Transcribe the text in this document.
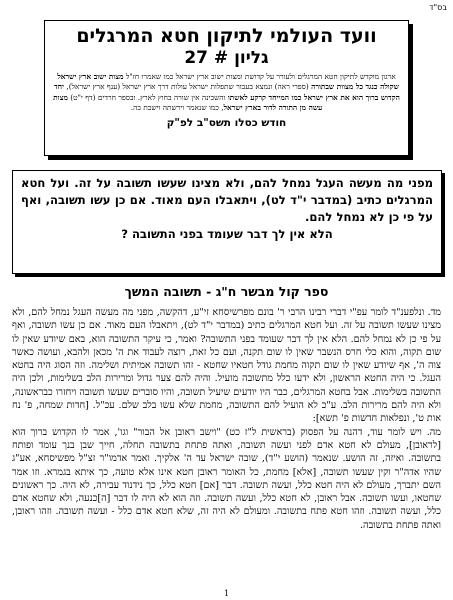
בס"ד

וועד העולמי לתיקון חטא המרגלים

גליון # 27

ארגון מוקדש לתיקון חטא המרגלים ולעורר על קדושת ומצות ישוב ארץ ישראל כמו שאמרו חז"ל מצות ישוב ארץ ישראל שקולה כנגד כל מצוות שבתורה (ספרי ראה) ונמצא בעבור שתפלות ישראל עולות דרך ארץ ישראל (ענף ארץ ישראל), יחד הקדוש ברוך הוא את ארץ ישראל כמו המייחד קרקע לאשתו והשכינה אין שורה בחוץ לארץ. ובספר חרדים (דף י"ט) מצות עשה מן התורה לדור בארץ ישראל, כמו שנאמר וירשתה וישבת בה.

חודש כסלו תשס"ב לפ"ק

מפני מה מעשה העגל נמחל להם, ולא מצינו שעשו תשובה על זה. ועל חטא המרגלים כתיב (במדבר י"ד לט), ויתאבלו העם מאוד. אם כן עשו תשובה, ואף על פי כן לא נמחל להם.

הלא אין לך דבר שעומד בפני התשובה ?

ספר קול מבשר ח"ג - תשובה המשך

מד. ונלפענ"ד לומר עפ"י דברי רבינו הרבי ר' בונם מפרשיסחא זי"ע, דהקשה, מפני מה מעשה העגל נמחל להם, ולא מצינו שעשו תשובה על זה. ועל חטא המרגלים כתיב (במדבר י"ד לט), ויתאבלו העם מאוד. אם כן עשו תשובה, ואף על פי כן לא נמחל להם. הלא אין לך דבר שעומד בפני התשובה? ואמר, כי עיקר התשובה הוא, באם שיודע שאין לו שום תקוה, והוא כלי חרס הנשבר שאין לו שום תקנה, ועם כל זאת, רוצה לעבוד את ה' מכאן ולהבא, ועושה כאשר צוה ה', אף שיודע שאין לו שום תקוה מחמת גודל חטאיו שחטא - זהו תשובה אמיתית ושלימה. וזה הסוג היה בחטא העגל. כי היה החטא הראשון, ולא ידעו כלל מתשובה מועיל. והיה להם צער גדול ומרירות הלב בשלימות, ולכן היה התשובה בשלימות. אבל בחטא המרגלים, כבר היו יודעים שיעיל תשובה, והיו סוברים שעשו תשובה ויחזרו כבראשונה, ולא היה להם מרירות הלב. ע"כ לא הועיל להם התשובה, מחמת שלא עשו בלב שלם. עכ"ל. [חדות שמחה, פ' נח אות ט', ונפלאות חדשות פ' תשא]:

מה. ויש לומר עוד, דהנה על הפסוק (בראשית ל"ז כט) "וישב ראובן אל הבור" וגו', אמר לו הקדוש ברוך הוא [לראובן], מעולם לא חטא אדם לפני ועשה תשובה, ואתה פתחת בתשובה תחלה, חייך שבן בנך עומד ופותח בתשובה. ואיזה, זה הושע. שנאמר (הושע י"ד), שובה ישראל עד ה' אלקיך. ואמר אדמו"ר זצ"ל מפשיסחא, אע"ג שהיו אדה"ר וקין שעשו תשובה, [אלא] מחמת, כל האומר ראובן חטא אינו אלא טועה, כך איתא בגמרא. וזו אמר השם יתברך, מעולם לא היה חטא כלל, ועשה תשובה. דבר [אם] חטא כלל, כך נידנוד עבירה, לא היה. כך ראשונים שחטאו, ועשו תשובה. אבל ראובן, לא חטא כלל, ועשה תשובה. וזה הוא לא היה לו דבר [ה]כנעה, ולא שחטא אדם כלל, ועשה תשובה. וזהו חטא פתח בתשובה. ומעולם לא היה זה, שלא חטא אדם כלל - ועשה תשובה. וזהו ראובן, ואתה פתחת בתשובה.

1
